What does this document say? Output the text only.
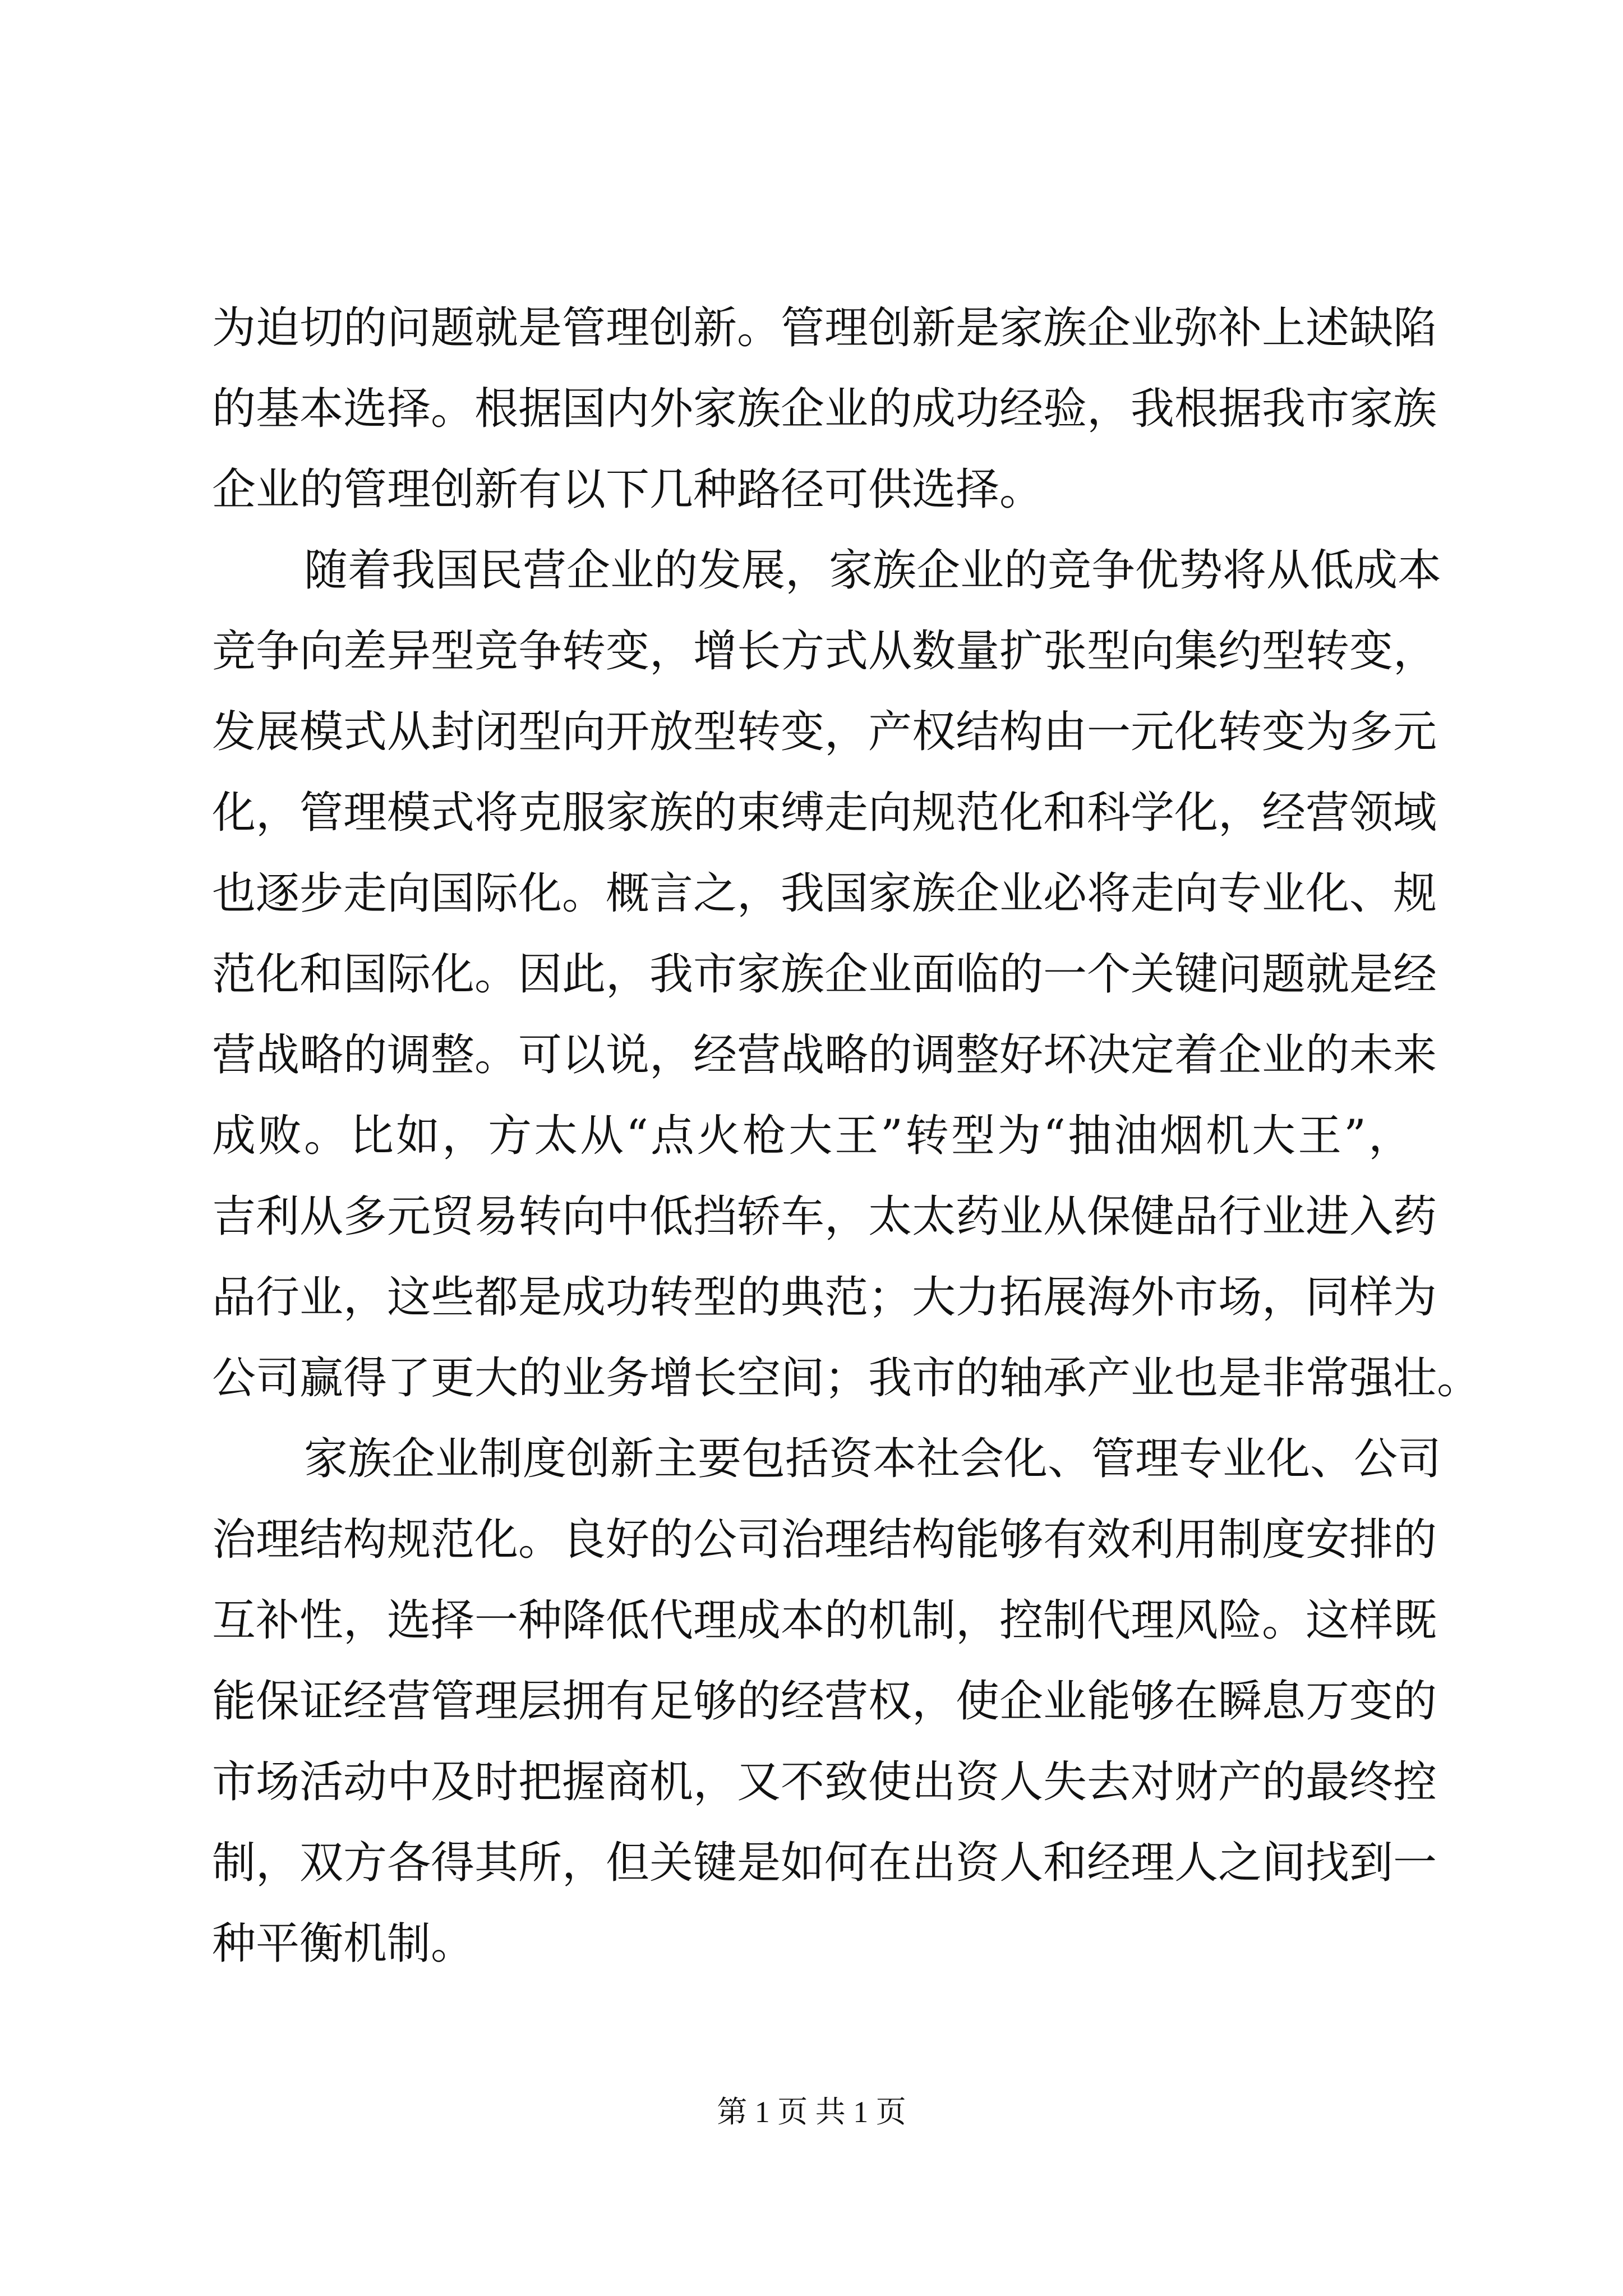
为迫切的问题就是管理创新。管理创新是家族企业弥补上述缺陷
的基本选择。根据国内外家族企业的成功经验，我根据我市家族
企业的管理创新有以下几种路径可供选择。
随着我国民营企业的发展，家族企业的竞争优势将从低成本
竞争向差异型竞争转变，增长方式从数量扩张型向集约型转变，
发展模式从封闭型向开放型转变，产权结构由一元化转变为多元
化，管理模式将克服家族的束缚走向规范化和科学化，经营领域
也逐步走向国际化。概言之，我国家族企业必将走向专业化、规
范化和国际化。因此，我市家族企业面临的一个关键问题就是经
营战略的调整。可以说，经营战略的调整好坏决定着企业的未来
成败。比如，方太从“点火枪大王”转型为“抽油烟机大王”，
吉利从多元贸易转向中低挡轿车，太太药业从保健品行业进入药
品行业，这些都是成功转型的典范；大力拓展海外市场，同样为
公司赢得了更大的业务增长空间；我市的轴承产业也是非常强壮。
家族企业制度创新主要包括资本社会化、管理专业化、公司
治理结构规范化。良好的公司治理结构能够有效利用制度安排的
互补性，选择一种降低代理成本的机制，控制代理风险。这样既
能保证经营管理层拥有足够的经营权，使企业能够在瞬息万变的
市场活动中及时把握商机，又不致使出资人失去对财产的最终控
制，双方各得其所，但关键是如何在出资人和经理人之间找到一
种平衡机制。
第 1 页 共 1 页
